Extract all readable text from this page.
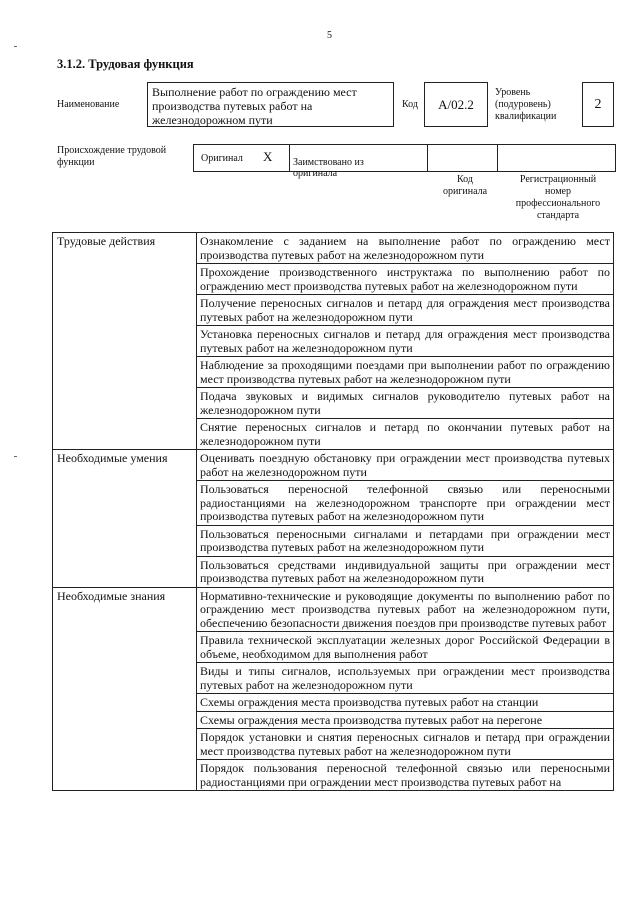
5
3.1.2. Трудовая функция
Наименование
Выполнение работ по ограждению мест производства путевых работ на железнодорожном пути
Код А/02.2
Уровень
(подуровень)
квалификации
2
Происхождение трудовой
функции	Оригинал X	Заимствовано из
оригинала

Код
оригинала
Регистрационный
номер
профессионального
стандарта
Трудовые действия	Ознакомление с заданием на выполнение работ по ограждению мест производства путевых работ на железнодорожном пути
	Прохождение производственного инструктажа по выполнению работ по ограждению мест производства путевых работ на железнодорожном пути
	Получение переносных сигналов и петард для ограждения мест производства путевых работ на железнодорожном пути
	Установка переносных сигналов и петард для ограждения мест производства путевых работ на железнодорожном пути
	Наблюдение за проходящими поездами при выполнении работ по ограждению мест производства путевых работ на железнодорожном пути
	Подача звуковых и видимых сигналов руководителю путевых работ на железнодорожном пути
	Снятие переносных сигналов и петард по окончании путевых работ на железнодорожном пути
Необходимые умения	Оценивать поездную обстановку при ограждении мест производства путевых работ на железнодорожном пути
	Пользоваться переносной телефонной связью или переносными радиостанциями на железнодорожном транспорте при ограждении мест производства путевых работ на железнодорожном пути
	Пользоваться переносными сигналами и петардами при ограждении мест производства путевых работ на железнодорожном пути
	Пользоваться средствами индивидуальной защиты при ограждении мест производства путевых работ на железнодорожном пути
Необходимые знания	Нормативно-технические и руководящие документы по выполнению работ по ограждению мест производства путевых работ на железнодорожном пути, обеспечению безопасности движения поездов при производстве путевых работ
	Правила технической эксплуатации железных дорог Российской Федерации в объеме, необходимом для выполнения работ
	Виды и типы сигналов, используемых при ограждении мест производства путевых работ на железнодорожном пути
	Схемы ограждения места производства путевых работ на станции
	Схемы ограждения места производства путевых работ на перегоне
	Порядок установки и снятия переносных сигналов и петард при ограждении мест производства путевых работ на железнодорожном пути
	Порядок пользования переносной телефонной связью или переносными радиостанциями при ограждении мест производства путевых работ на
